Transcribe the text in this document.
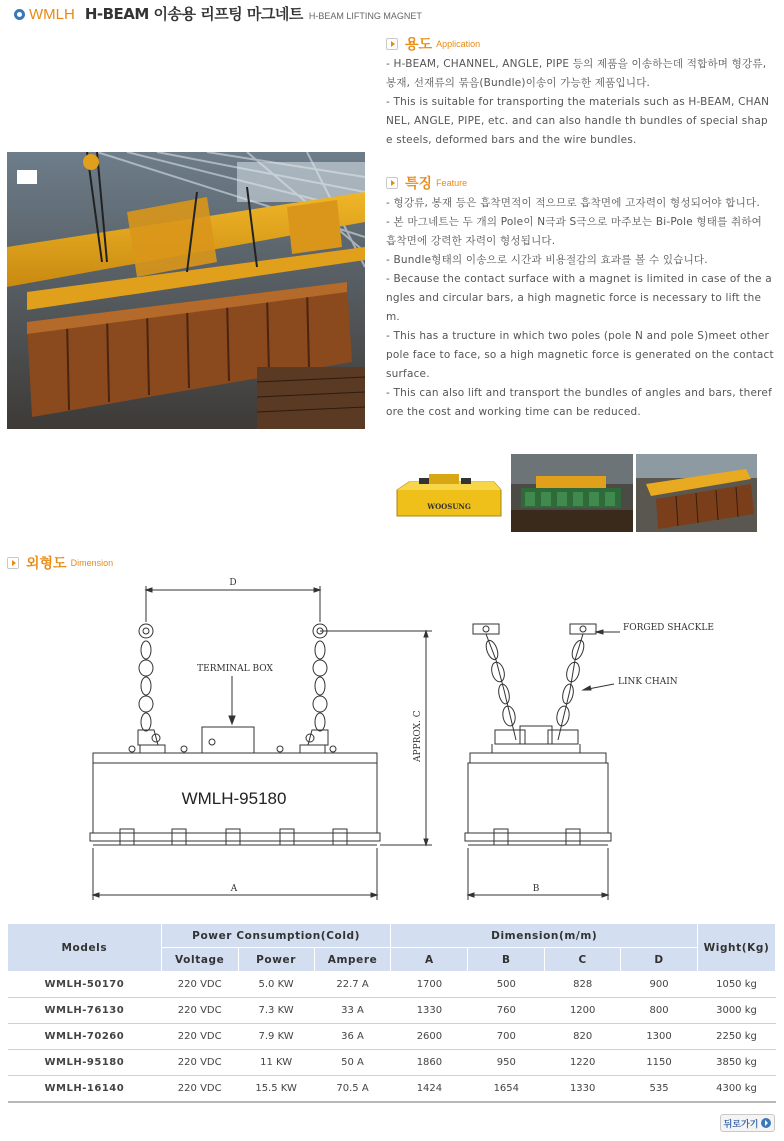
WMLH H-BEAM 이송용 리프팅 마그네트 H-BEAM LIFTING MAGNET
용도 Application

- H-BEAM, CHANNEL, ANGLE, PIPE 등의 제품을 이송하는데 적합하며 형강류, 봉재, 선재류의 묶음(Bundle)이송이 가능한 제품입니다.

- This is suitable for transporting the materials such as H-BEAM, CHANNEL, ANGLE, PIPE, etc. and can also handle th bundles of special shape steels, deformed bars and the wire bundles.

특징 Feature

- 형강류, 봉재 등은 흡착면적이 적으므로 흡착면에 고자력이 형성되어야 합니다.

- 본 마그네트는 두 개의 Pole이 N극과 S극으로 마주보는 Bi-Pole 형태를 취하여 흡착면에 강력한 자력이 형성됩니다.

- Bundle형태의 이송으로 시간과 비용절감의 효과를 볼 수 있습니다.

- Because the contact surface with a magnet is limited in case of the angles and circular bars, a high magnetic force is necessary to lift them.

- This has a tructure in which two poles (pole N and pole S)meet other pole face to face, so a high magnetic force is generated on the contact surface.

- This can also lift and transport the bundles of angles and bars, therefore the cost and working time can be reduced.

WOOSUNG
외형도 Dimension
D
TERMINAL BOX
A	B
FORGED SHACKLE
LINK CHAIN
APPROX. C
WMLH-95180
Models	Power Consumption(Cold)			Dimension(m/m)				Wight(Kg)
	Voltage	Power	Ampere	A	B	C	D	
WMLH-50170	220 VDC	5.0 KW	22.7 A	1700	500	828	900	1050 kg
WMLH-76130	220 VDC	7.3 KW	33 A	1330	760	1200	800	3000 kg
WMLH-70260	220 VDC	7.9 KW	36 A	2600	700	820	1300	2250 kg
WMLH-95180	220 VDC	11 KW	50 A	1860	950	1220	1150	3850 kg
WMLH-16140	220 VDC	15.5 KW	70.5 A	1424	1654	1330	535	4300 kg
뒤로가기
